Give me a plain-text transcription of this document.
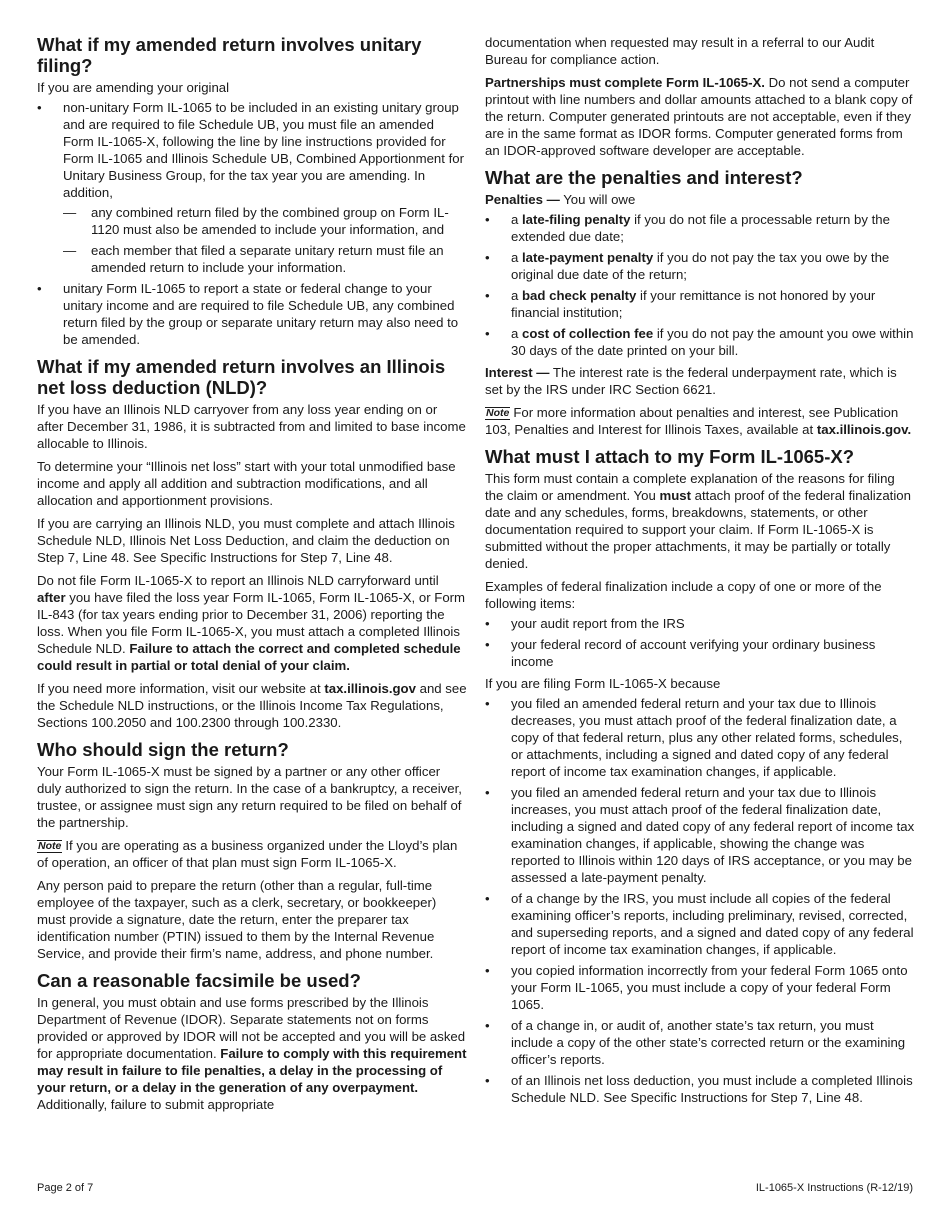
What if my amended return involves unitary filing?

If you are amending your original

• non-unitary Form IL-1065 to be included in an existing unitary group and are required to file Schedule UB, you must file an amended Form IL-1065-X, following the line by line instructions provided for Form IL-1065 and Illinois Schedule UB, Combined Apportionment for Unitary Business Group, for the tax year you are amending. In addition,
— any combined return filed by the combined group on Form IL-1120 must also be amended to include your information, and
— each member that filed a separate unitary return must file an amended return to include your information.
• unitary Form IL-1065 to report a state or federal change to your unitary income and are required to file Schedule UB, any combined return filed by the group or separate unitary return may also need to be amended.
What if my amended return involves an Illinois net loss deduction (NLD)?

If you have an Illinois NLD carryover from any loss year ending on or after December 31, 1986, it is subtracted from and limited to base income allocable to Illinois.

To determine your “Illinois net loss” start with your total unmodified base income and apply all addition and subtraction modifications, and all allocation and apportionment provisions.

If you are carrying an Illinois NLD, you must complete and attach Illinois Schedule NLD, Illinois Net Loss Deduction, and claim the deduction on Step 7, Line 48. See Specific Instructions for Step 7, Line 48.

Do not file Form IL-1065-X to report an Illinois NLD carryforward until after you have filed the loss year Form IL-1065, Form IL-1065-X, or Form IL-843 (for tax years ending prior to December 31, 2006) reporting the loss. When you file Form IL-1065-X, you must attach a completed Illinois Schedule NLD. Failure to attach the correct and completed schedule could result in partial or total denial of your claim.

If you need more information, visit our website at tax.illinois.gov and see the Schedule NLD instructions, or the Illinois Income Tax Regulations, Sections 100.2050 and 100.2300 through 100.2330.

Who should sign the return?

Your Form IL-1065-X must be signed by a partner or any other officer duly authorized to sign the return. In the case of a bankruptcy, a receiver, trustee, or assignee must sign any return required to be filed on behalf of the partnership.

Note If you are operating as a business organized under the Lloyd’s plan of operation, an officer of that plan must sign Form IL-1065-X.

Any person paid to prepare the return (other than a regular, full-time employee of the taxpayer, such as a clerk, secretary, or bookkeeper) must provide a signature, date the return, enter the preparer tax identification number (PTIN) issued to them by the Internal Revenue Service, and provide their firm’s name, address, and phone number.

Can a reasonable facsimile be used?

In general, you must obtain and use forms prescribed by the Illinois Department of Revenue (IDOR). Separate statements not on forms provided or approved by IDOR will not be accepted and you will be asked for appropriate documentation. Failure to comply with this requirement may result in failure to file penalties, a delay in the processing of your return, or a delay in the generation of any overpayment. Additionally, failure to submit appropriate

documentation when requested may result in a referral to our Audit Bureau for compliance action.

Partnerships must complete Form IL-1065-X. Do not send a computer printout with line numbers and dollar amounts attached to a blank copy of the return. Computer generated printouts are not acceptable, even if they are in the same format as IDOR forms. Computer generated forms from an IDOR-approved software developer are acceptable.

What are the penalties and interest?

Penalties — You will owe

• a late-filing penalty if you do not file a processable return by the extended due date;
• a late-payment penalty if you do not pay the tax you owe by the original due date of the return;
• a bad check penalty if your remittance is not honored by your financial institution;
• a cost of collection fee if you do not pay the amount you owe within 30 days of the date printed on your bill.

Interest — The interest rate is the federal underpayment rate, which is set by the IRS under IRC Section 6621.

Note For more information about penalties and interest, see Publication 103, Penalties and Interest for Illinois Taxes, available at tax.illinois.gov.

What must I attach to my Form IL-1065-X?

This form must contain a complete explanation of the reasons for filing the claim or amendment. You must attach proof of the federal finalization date and any schedules, forms, breakdowns, statements, or other documentation required to support your claim. If Form IL-1065-X is submitted without the proper attachments, it may be partially or totally denied.

Examples of federal finalization include a copy of one or more of the following items:

• your audit report from the IRS
• your federal record of account verifying your ordinary business income

If you are filing Form IL-1065-X because

• you filed an amended federal return and your tax due to Illinois decreases, you must attach proof of the federal finalization date, a copy of that federal return, plus any other related forms, schedules, or attachments, including a signed and dated copy of any federal report of income tax examination changes, if applicable.
• you filed an amended federal return and your tax due to Illinois increases, you must attach proof of the federal finalization date, including a signed and dated copy of any federal report of income tax examination changes, if applicable, showing the change was reported to Illinois within 120 days of IRS acceptance, or you may be assessed a late-payment penalty.
• of a change by the IRS, you must include all copies of the federal examining officer’s reports, including preliminary, revised, corrected, and superseding reports, and a signed and dated copy of any federal report of income tax examination changes, if applicable.
• you copied information incorrectly from your federal Form 1065 onto your Form IL-1065, you must include a copy of your federal Form 1065.
• of a change in, or audit of, another state’s tax return, you must include a copy of the other state’s corrected return or the examining officer’s reports.
• of an Illinois net loss deduction, you must include a completed Illinois Schedule NLD. See Specific Instructions for Step 7, Line 48.
Page 2 of 7	IL-1065-X Instructions (R-12/19)
